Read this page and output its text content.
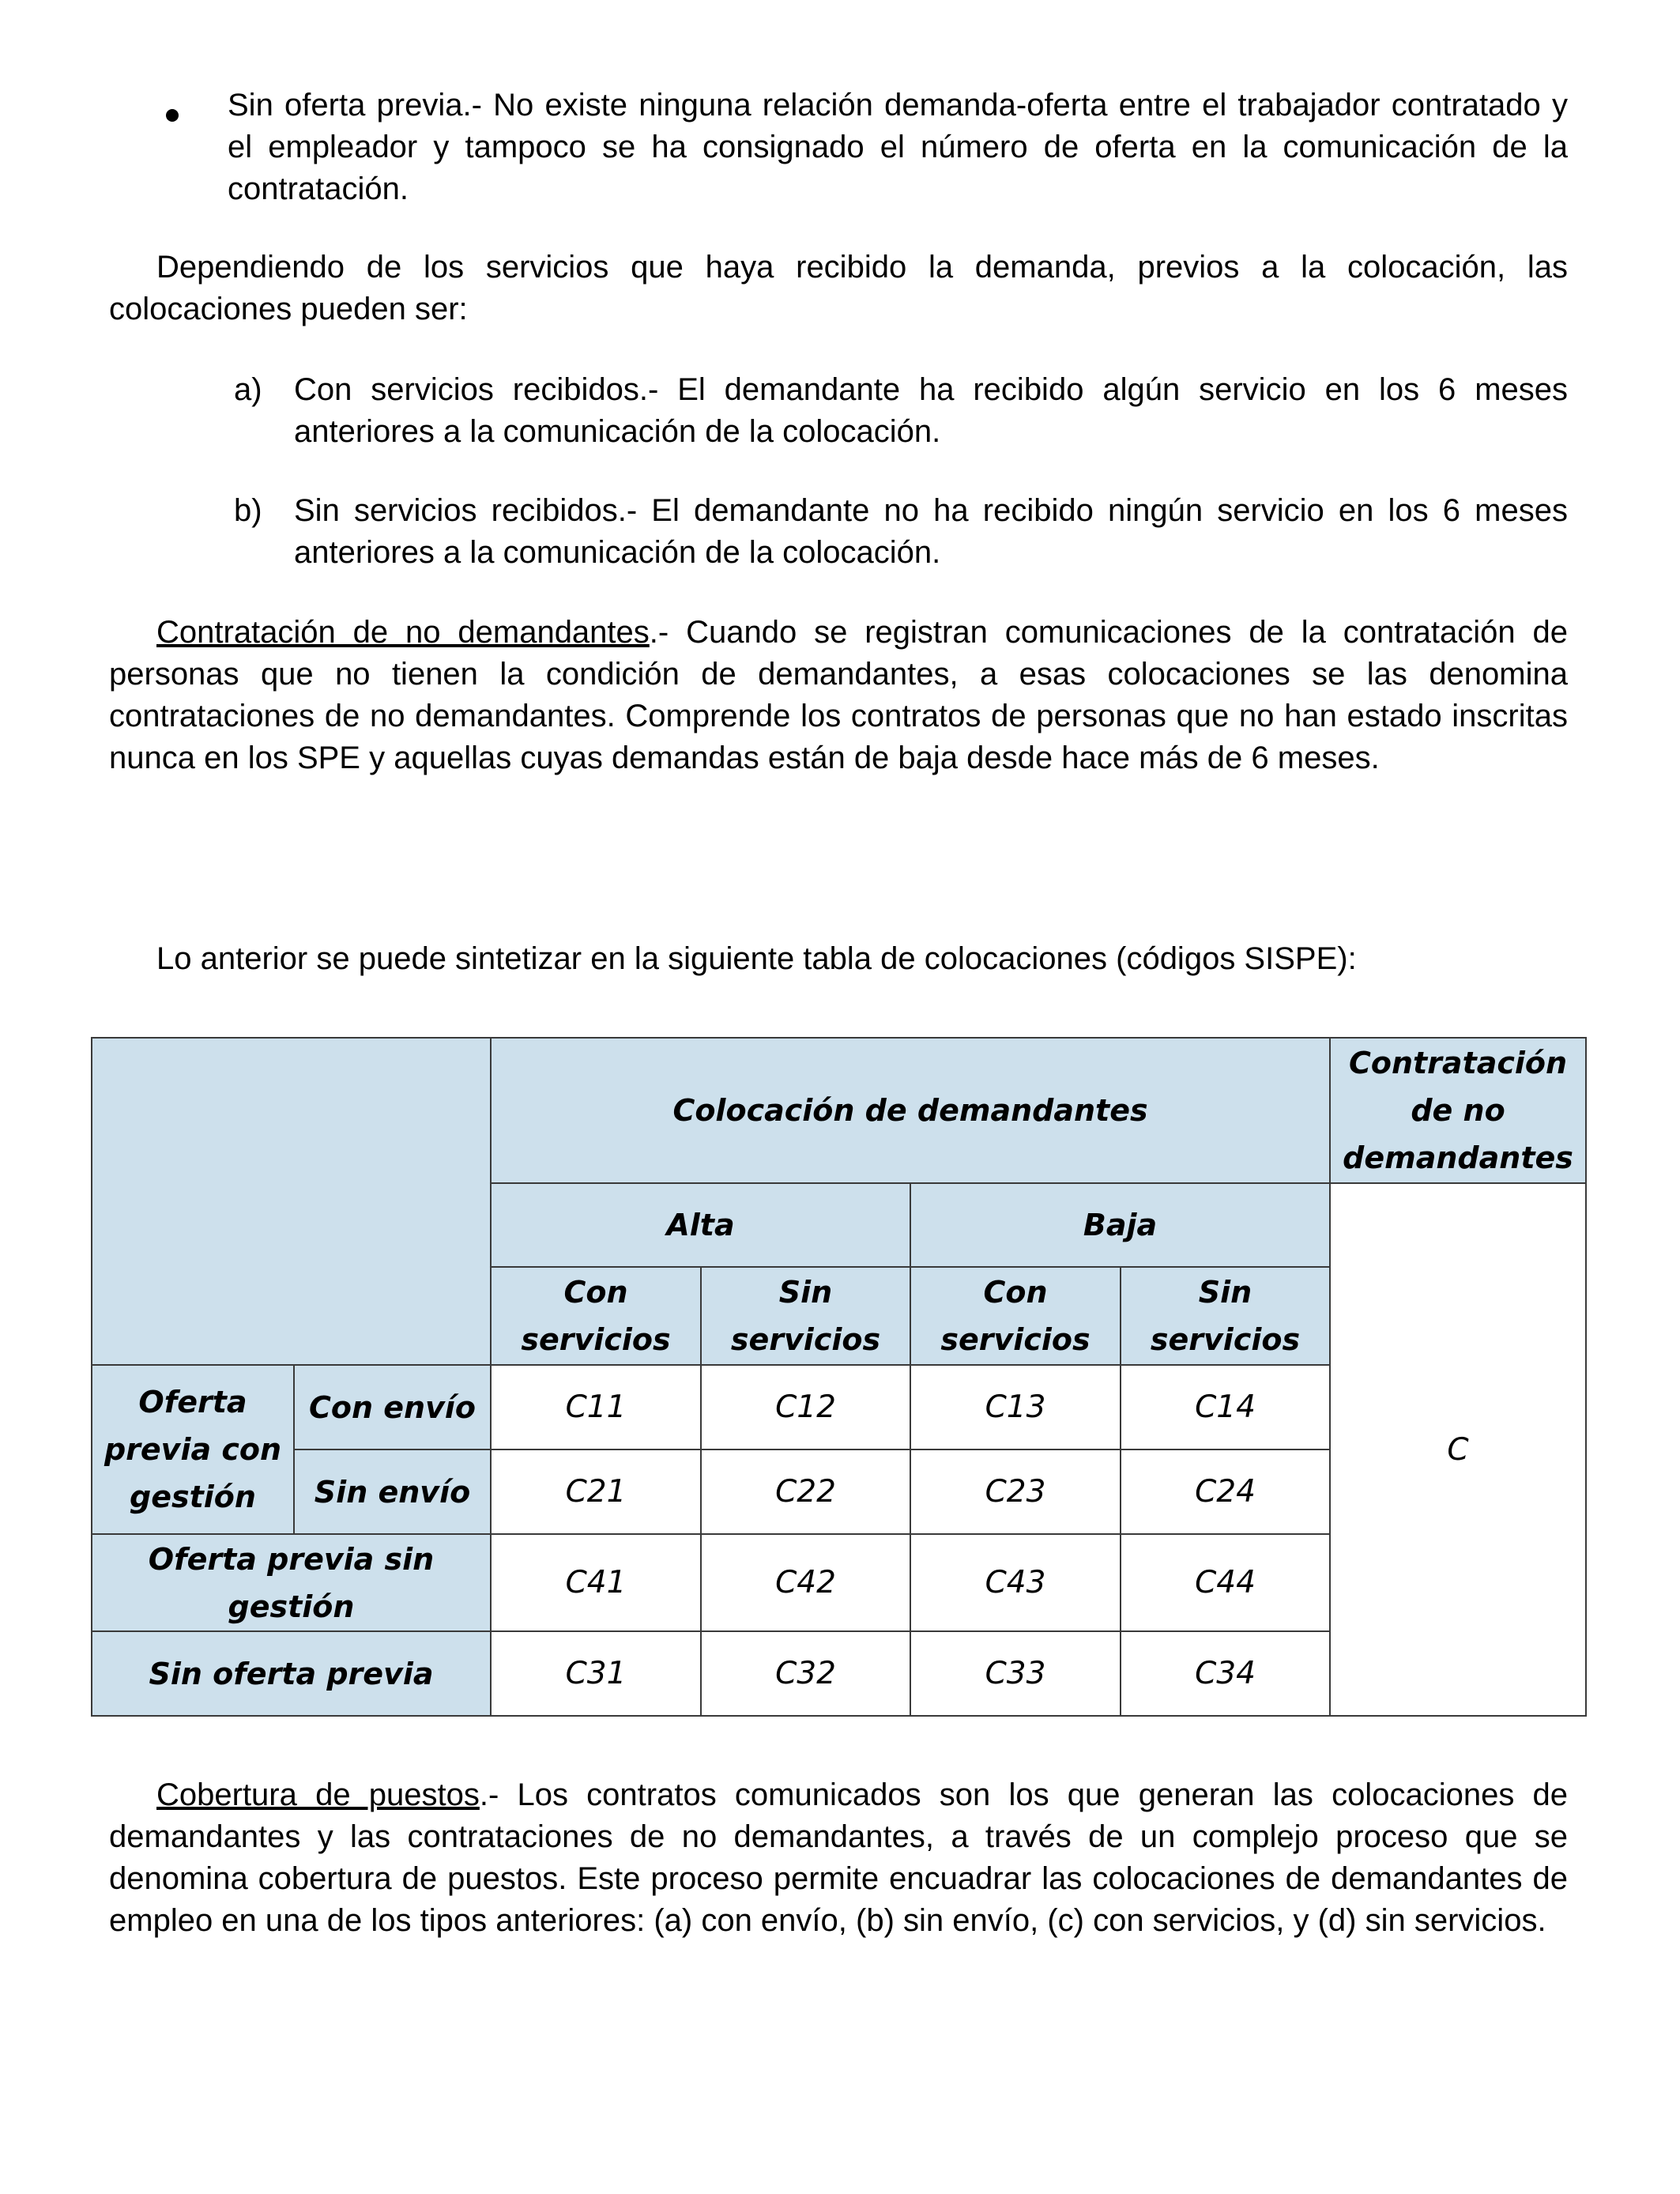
Sin oferta previa.- No existe ninguna relación demanda-oferta entre el trabajador contratado y el empleador y tampoco se ha consignado el número de oferta en la comunicación de la contratación.

Dependiendo de los servicios que haya recibido la demanda, previos a la colocación, las colocaciones pueden ser:

a) Con servicios recibidos.- El demandante ha recibido algún servicio en los 6 meses anteriores a la comunicación de la colocación.

b) Sin servicios recibidos.- El demandante no ha recibido ningún servicio en los 6 meses anteriores a la comunicación de la colocación.

Contratación de no demandantes.- Cuando se registran comunicaciones de la contratación de personas que no tienen la condición de demandantes, a esas colocaciones se las denomina contrataciones de no demandantes. Comprende los contratos de personas que no han estado inscritas nunca en los SPE y aquellas cuyas demandas están de baja desde hace más de 6 meses.

Lo anterior se puede sintetizar en la siguiente tabla de colocaciones (códigos SISPE):

		Colocación de demandantes				Contratación de no demandantes
		Alta		Baja		C
		Con servicios	Sin servicios	Con servicios	Sin servicios	
Oferta previa con gestión	Con envío	C11	C12	C13	C14	
	Sin envío	C21	C22	C23	C24	
Oferta previa sin gestión		C41	C42	C43	C44	
Sin oferta previa		C31	C32	C33	C34	

Cobertura de puestos.- Los contratos comunicados son los que generan las colocaciones de demandantes y las contrataciones de no demandantes, a través de un complejo proceso que se denomina cobertura de puestos. Este proceso permite encuadrar las colocaciones de demandantes de empleo en una de los tipos anteriores: (a) con envío, (b) sin envío, (c) con servicios, y (d) sin servicios.
